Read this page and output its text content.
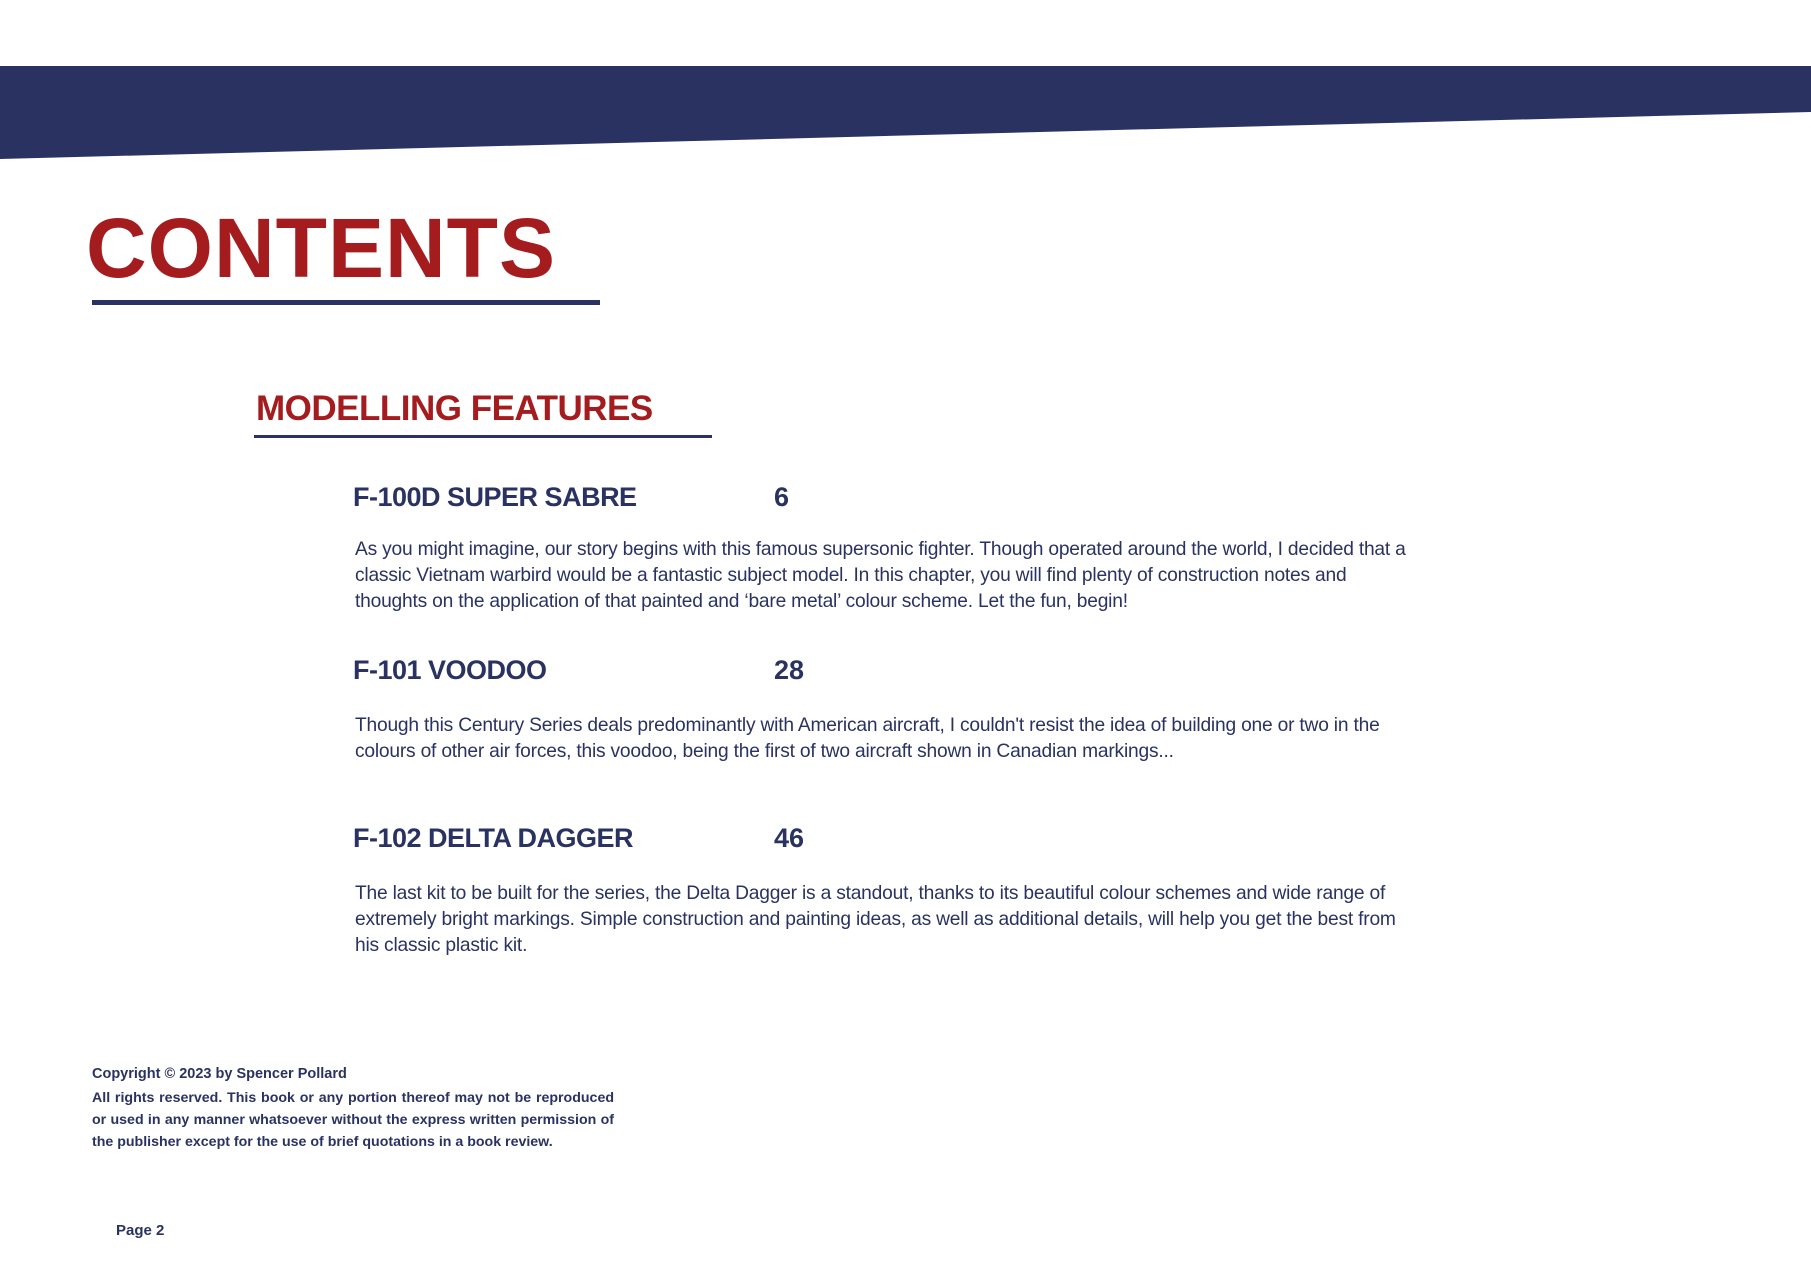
CONTENTS
MODELLING FEATURES
F-100D SUPER SABRE	6

As you might imagine, our story begins with this famous supersonic fighter. Though operated around the world, I decided that a classic Vietnam warbird would be a fantastic subject model. In this chapter, you will find plenty of construction notes and thoughts on the application of that painted and ‘bare metal’ colour scheme. Let the fun, begin!

F-101 VOODOO	28

Though this Century Series deals predominantly with American aircraft, I couldn't resist the idea of building one or two in the colours of other air forces, this voodoo, being the first of two aircraft shown in Canadian markings...

F-102 DELTA DAGGER	46

The last kit to be built for the series, the Delta Dagger is a standout, thanks to its beautiful colour schemes and wide range of extremely bright markings. Simple construction and painting ideas, as well as additional details, will help you get the best from his classic plastic kit.

Copyright © 2023 by Spencer Pollard

All rights reserved. This book or any portion thereof may not be reproduced or used in any manner whatsoever without the express written permission of the publisher except for the use of brief quotations in a book review.

Page 2
